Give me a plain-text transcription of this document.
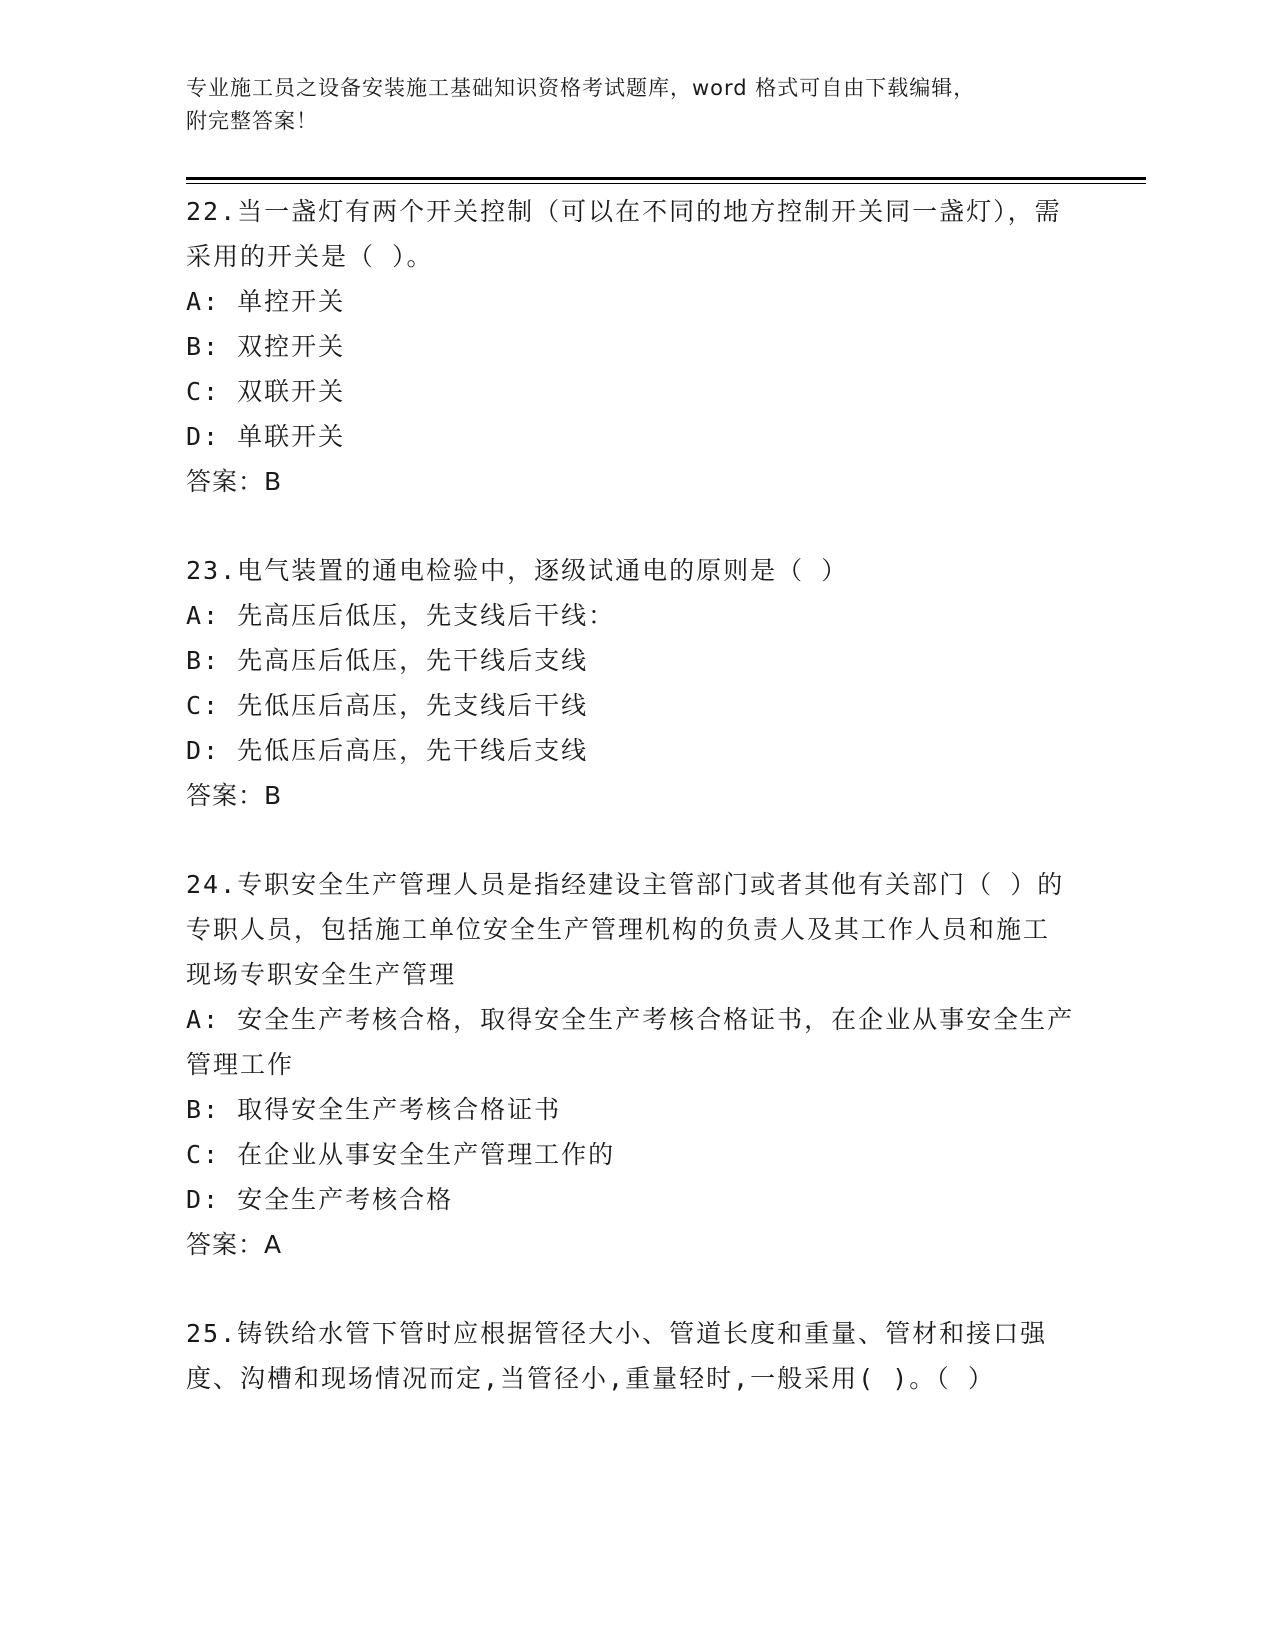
专业施工员之设备安装施工基础知识资格考试题库，word 格式可自由下载编辑，
附完整答案！
22.当一盏灯有两个开关控制（可以在不同的地方控制开关同一盏灯），需采用的开关是（ ）。
A: 单控开关
B: 双控开关
C: 双联开关
D: 单联开关
答案：B
23.电气装置的通电检验中，逐级试通电的原则是（ ）
A: 先高压后低压，先支线后干线：
B: 先高压后低压，先干线后支线
C: 先低压后高压，先支线后干线
D: 先低压后高压，先干线后支线
答案：B
24.专职安全生产管理人员是指经建设主管部门或者其他有关部门（ ）的专职人员，包括施工单位安全生产管理机构的负责人及其工作人员和施工现场专职安全生产管理
A: 安全生产考核合格，取得安全生产考核合格证书，在企业从事安全生产管理工作
B: 取得安全生产考核合格证书
C: 在企业从事安全生产管理工作的
D: 安全生产考核合格
答案：A
25.铸铁给水管下管时应根据管径大小、管道长度和重量、管材和接口强度、沟槽和现场情况而定,当管径小,重量轻时,一般采用( )。（ ）
